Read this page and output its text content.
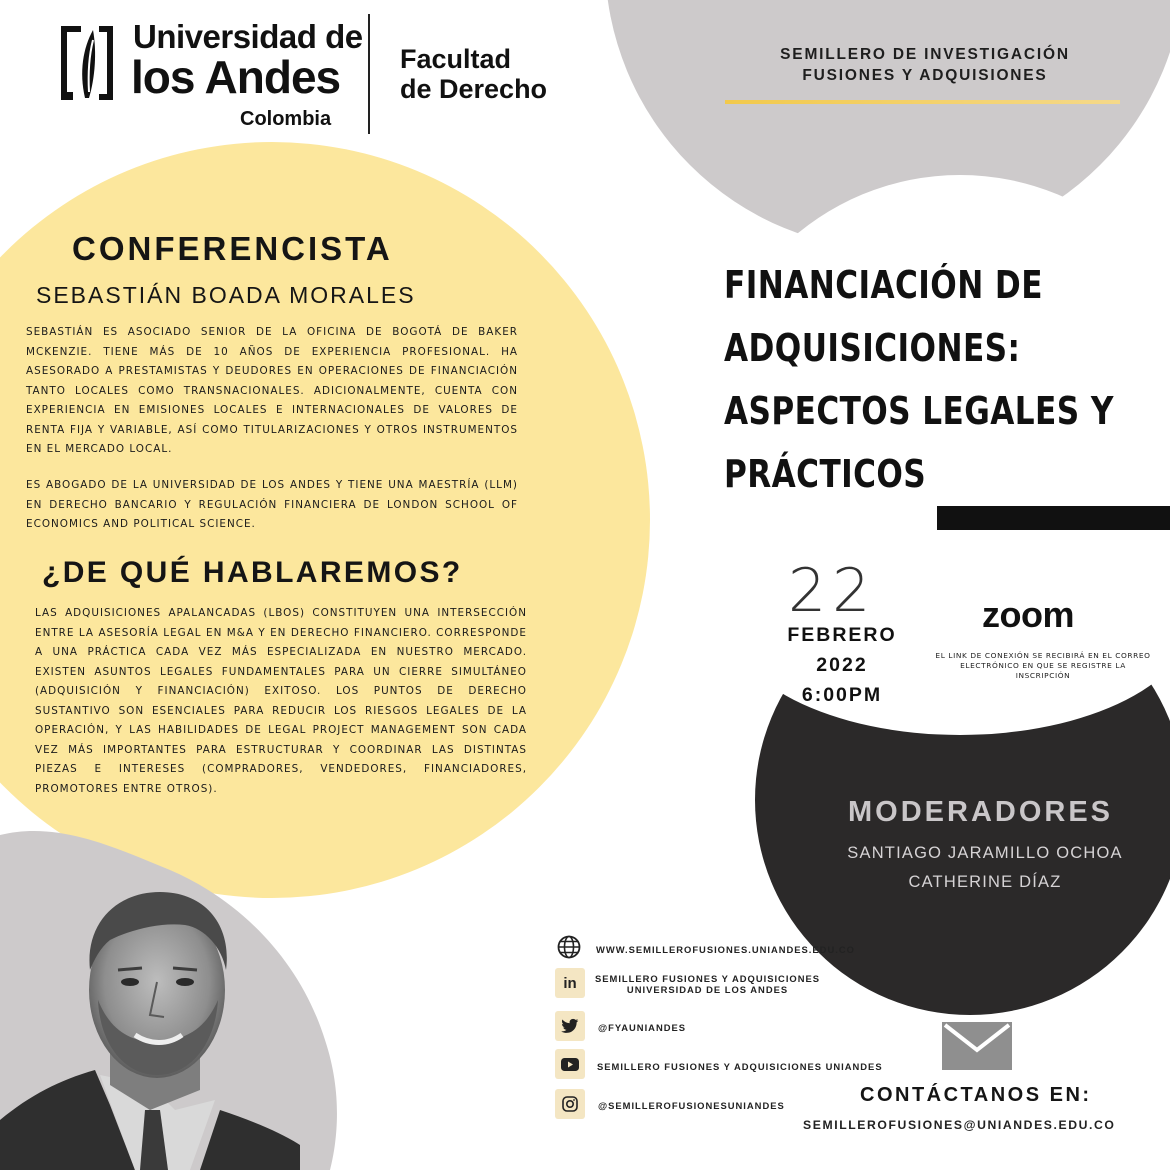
Universidad de
los Andes
Colombia
Facultad
de Derecho
SEMILLERO DE INVESTIGACIÓN
FUSIONES Y ADQUISIONES
CONFERENCISTA
SEBASTIÁN BOADA MORALES
SEBASTIÁN ES ASOCIADO SENIOR DE LA OFICINA DE BOGOTÁ DE BAKER MCKENZIE. TIENE MÁS DE 10 AÑOS DE EXPERIENCIA PROFESIONAL. HA ASESORADO A PRESTAMISTAS Y DEUDORES EN OPERACIONES DE FINANCIACIÓN TANTO LOCALES COMO TRANSNACIONALES. ADICIONALMENTE, CUENTA CON EXPERIENCIA EN EMISIONES LOCALES E INTERNACIONALES DE VALORES DE RENTA FIJA Y VARIABLE, ASÍ COMO TITULARIZACIONES Y OTROS INSTRUMENTOS EN EL MERCADO LOCAL.
ES ABOGADO DE LA UNIVERSIDAD DE LOS ANDES Y TIENE UNA MAESTRÍA (LLM) EN DERECHO BANCARIO Y REGULACIÓN FINANCIERA DE LONDON SCHOOL OF ECONOMICS AND POLITICAL SCIENCE.
¿DE QUÉ HABLAREMOS?
LAS ADQUISICIONES APALANCADAS (LBOS) CONSTITUYEN UNA INTERSECCIÓN ENTRE LA ASESORÍA LEGAL EN M&A Y EN DERECHO FINANCIERO. CORRESPONDE A UNA PRÁCTICA CADA VEZ MÁS ESPECIALIZADA EN NUESTRO MERCADO. EXISTEN ASUNTOS LEGALES FUNDAMENTALES PARA UN CIERRE SIMULTÁNEO (ADQUISICIÓN Y FINANCIACIÓN) EXITOSO. LOS PUNTOS DE DERECHO SUSTANTIVO SON ESENCIALES PARA REDUCIR LOS RIESGOS LEGALES DE LA OPERACIÓN, Y LAS HABILIDADES DE LEGAL PROJECT MANAGEMENT SON CADA VEZ MÁS IMPORTANTES PARA ESTRUCTURAR Y COORDINAR LAS DISTINTAS PIEZAS E INTERESES (COMPRADORES, VENDEDORES, FINANCIADORES, PROMOTORES ENTRE OTROS).
FINANCIACIÓN DE
ADQUISICIONES:
ASPECTOS LEGALES Y
PRÁCTICOS
22
FEBRERO
2022
6:00PM
zoom
EL LINK DE CONEXIÓN SE RECIBIRÁ EN EL CORREO ELECTRÓNICO EN QUE SE REGISTRE LA INSCRIPCIÓN
MODERADORES
SANTIAGO JARAMILLO OCHOA
CATHERINE DÍAZ
WWW.SEMILLEROFUSIONES.UNIANDES.EDU.CO
in SEMILLERO FUSIONES Y ADQUISICIONES
UNIVERSIDAD DE LOS ANDES
@FYAUNIANDES
SEMILLERO FUSIONES Y ADQUISICIONES UNIANDES
@SEMILLEROFUSIONESUNIANDES	CONTÁCTANOS EN:
SEMILLEROFUSIONES@UNIANDES.EDU.CO
